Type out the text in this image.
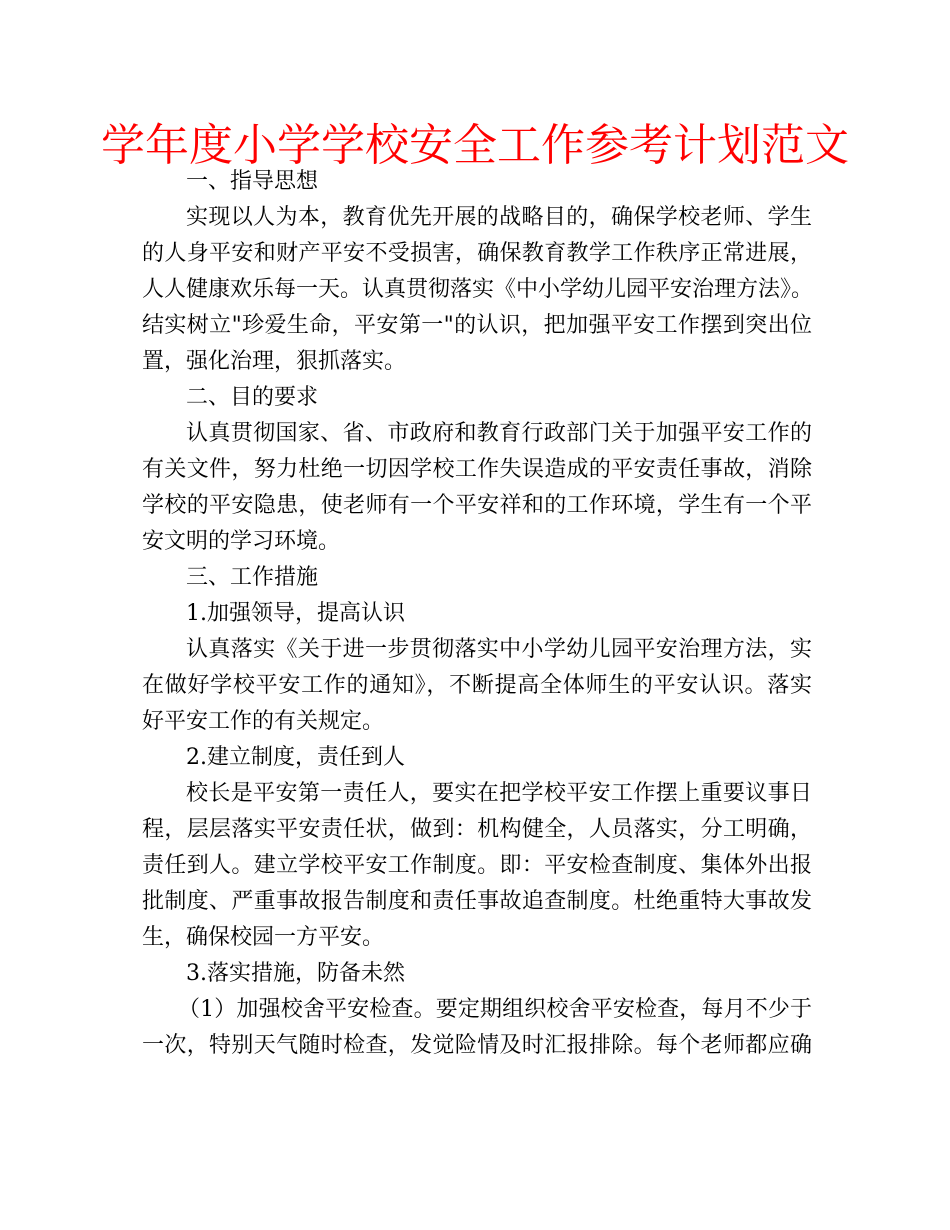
学年度小学学校安全工作参考计划范文
一、指导思想
实现以人为本，教育优先开展的战略目的，确保学校老师、学生
的人身平安和财产平安不受损害，确保教育教学工作秩序正常进展，
人人健康欢乐每一天。认真贯彻落实《中小学幼儿园平安治理方法》。
结实树立"珍爱生命，平安第一"的认识，把加强平安工作摆到突出位
置，强化治理，狠抓落实。
二、目的要求
认真贯彻国家、省、市政府和教育行政部门关于加强平安工作的
有关文件，努力杜绝一切因学校工作失误造成的平安责任事故，消除
学校的平安隐患，使老师有一个平安祥和的工作环境，学生有一个平
安文明的学习环境。
三、工作措施
1.加强领导，提高认识
认真落实《关于进一步贯彻落实中小学幼儿园平安治理方法，实
在做好学校平安工作的通知》，不断提高全体师生的平安认识。落实
好平安工作的有关规定。
2.建立制度，责任到人
校长是平安第一责任人，要实在把学校平安工作摆上重要议事日
程，层层落实平安责任状，做到：机构健全，人员落实，分工明确，
责任到人。建立学校平安工作制度。即：平安检查制度、集体外出报
批制度、严重事故报告制度和责任事故追查制度。杜绝重特大事故发
生，确保校园一方平安。
3.落实措施，防备未然
（1）加强校舍平安检查。要定期组织校舍平安检查，每月不少于
一次，特别天气随时检查，发觉险情及时汇报排除。每个老师都应确
